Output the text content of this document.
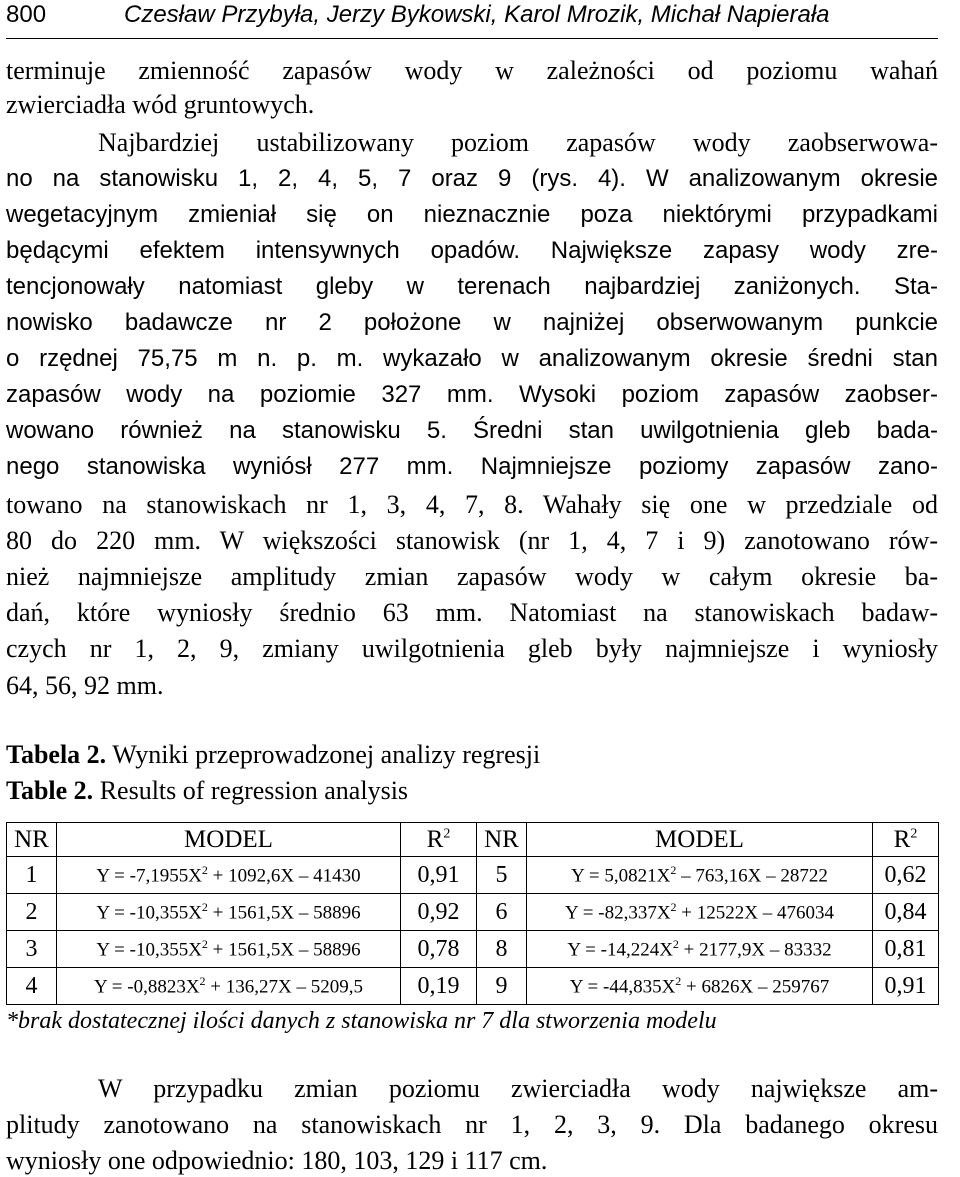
800	Czesław Przybyła, Jerzy Bykowski, Karol Mrozik, Michał Napierała
terminuje zmienność zapasów wody w zależności od poziomu wahań
zwierciadła wód gruntowych.
Najbardziej ustabilizowany poziom zapasów wody zaobserwowa-
no na stanowisku 1, 2, 4, 5, 7 oraz 9 (rys. 4). W analizowanym okresie
wegetacyjnym zmieniał się on nieznacznie poza niektórymi przypadkami
będącymi efektem intensywnych opadów. Największe zapasy wody zre-
tencjonowały natomiast gleby w terenach najbardziej zaniżonych. Sta-
nowisko badawcze nr 2 położone w najniżej obserwowanym punkcie
o rzędnej 75,75 m n. p. m. wykazało w analizowanym okresie średni stan
zapasów wody na poziomie 327 mm. Wysoki poziom zapasów zaobser-
wowano również na stanowisku 5. Średni stan uwilgotnienia gleb bada-
nego stanowiska wyniósł 277 mm. Najmniejsze poziomy zapasów zano-
towano na stanowiskach nr 1, 3, 4, 7, 8. Wahały się one w przedziale od
80 do 220 mm. W większości stanowisk (nr 1, 4, 7 i 9) zanotowano rów-
nież najmniejsze amplitudy zmian zapasów wody w całym okresie ba-
dań, które wyniosły średnio 63 mm. Natomiast na stanowiskach badaw-
czych nr 1, 2, 9, zmiany uwilgotnienia gleb były najmniejsze i wyniosły
64, 56, 92 mm.
Tabela 2. Wyniki przeprowadzonej analizy regresji
Table 2. Results of regression analysis
NR	MODEL	$R^2$	NR	MODEL	$R^2$
1	$Y = -7,1955X^2 + 1092,6X - 41430$	0,91	5	$Y = 5,0821X^2 - 763,16X - 28722$	0,62
2	$Y = -10,355X^2 + 1561,5X - 58896$	0,92	6	$Y = -82,337X^2 + 12522X - 476034$	0,84
3	$Y = -10,355X^2 + 1561,5X - 58896$	0,78	8	$Y = -14,224X^2 + 2177,9X - 83332$	0,81
4	$Y = -0,8823X^2 + 136,27X - 5209,5$	0,19	9	$Y = -44,835X^2 + 6826X - 259767$	0,91
*brak dostatecznej ilości danych z stanowiska nr 7 dla stworzenia modelu
W przypadku zmian poziomu zwierciadła wody największe am-
plitudy zanotowano na stanowiskach nr 1, 2, 3, 9. Dla badanego okresu
wyniosły one odpowiednio: 180, 103, 129 i 117 cm.
